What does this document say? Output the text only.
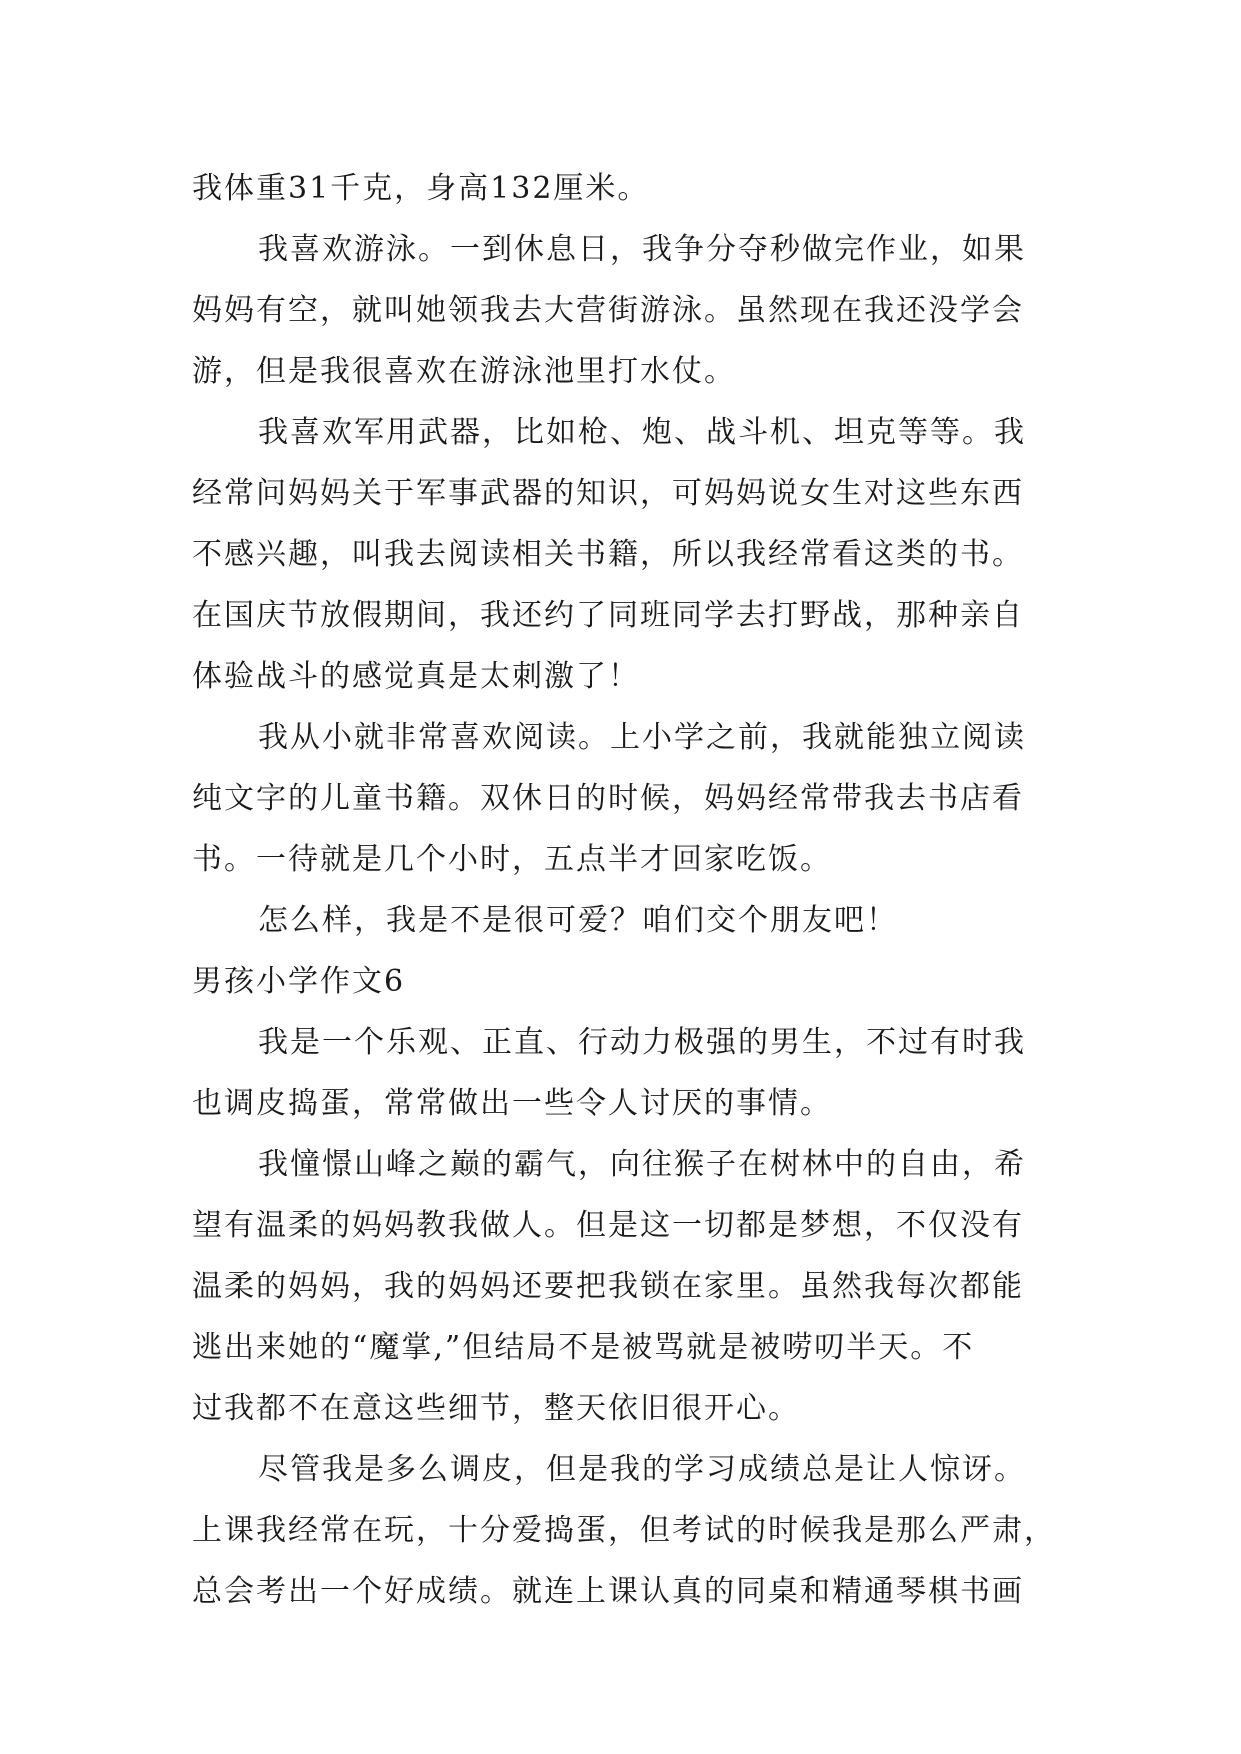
我体重31千克，身高132厘米。
我喜欢游泳。一到休息日，我争分夺秒做完作业，如果
妈妈有空，就叫她领我去大营街游泳。虽然现在我还没学会
游，但是我很喜欢在游泳池里打水仗。
我喜欢军用武器，比如枪、炮、战斗机、坦克等等。我
经常问妈妈关于军事武器的知识，可妈妈说女生对这些东西
不感兴趣，叫我去阅读相关书籍，所以我经常看这类的书。
在国庆节放假期间，我还约了同班同学去打野战，那种亲自
体验战斗的感觉真是太刺激了！
我从小就非常喜欢阅读。上小学之前，我就能独立阅读
纯文字的儿童书籍。双休日的时候，妈妈经常带我去书店看
书。一待就是几个小时，五点半才回家吃饭。
怎么样，我是不是很可爱？咱们交个朋友吧！
男孩小学作文6
我是一个乐观、正直、行动力极强的男生，不过有时我
也调皮捣蛋，常常做出一些令人讨厌的事情。
我憧憬山峰之巅的霸气，向往猴子在树林中的自由，希
望有温柔的妈妈教我做人。但是这一切都是梦想，不仅没有
温柔的妈妈，我的妈妈还要把我锁在家里。虽然我每次都能
逃出来她的“魔掌,”但结局不是被骂就是被唠叨半天。不
过我都不在意这些细节，整天依旧很开心。
尽管我是多么调皮，但是我的学习成绩总是让人惊讶。
上课我经常在玩，十分爱捣蛋，但考试的时候我是那么严肃，
总会考出一个好成绩。就连上课认真的同桌和精通琴棋书画
